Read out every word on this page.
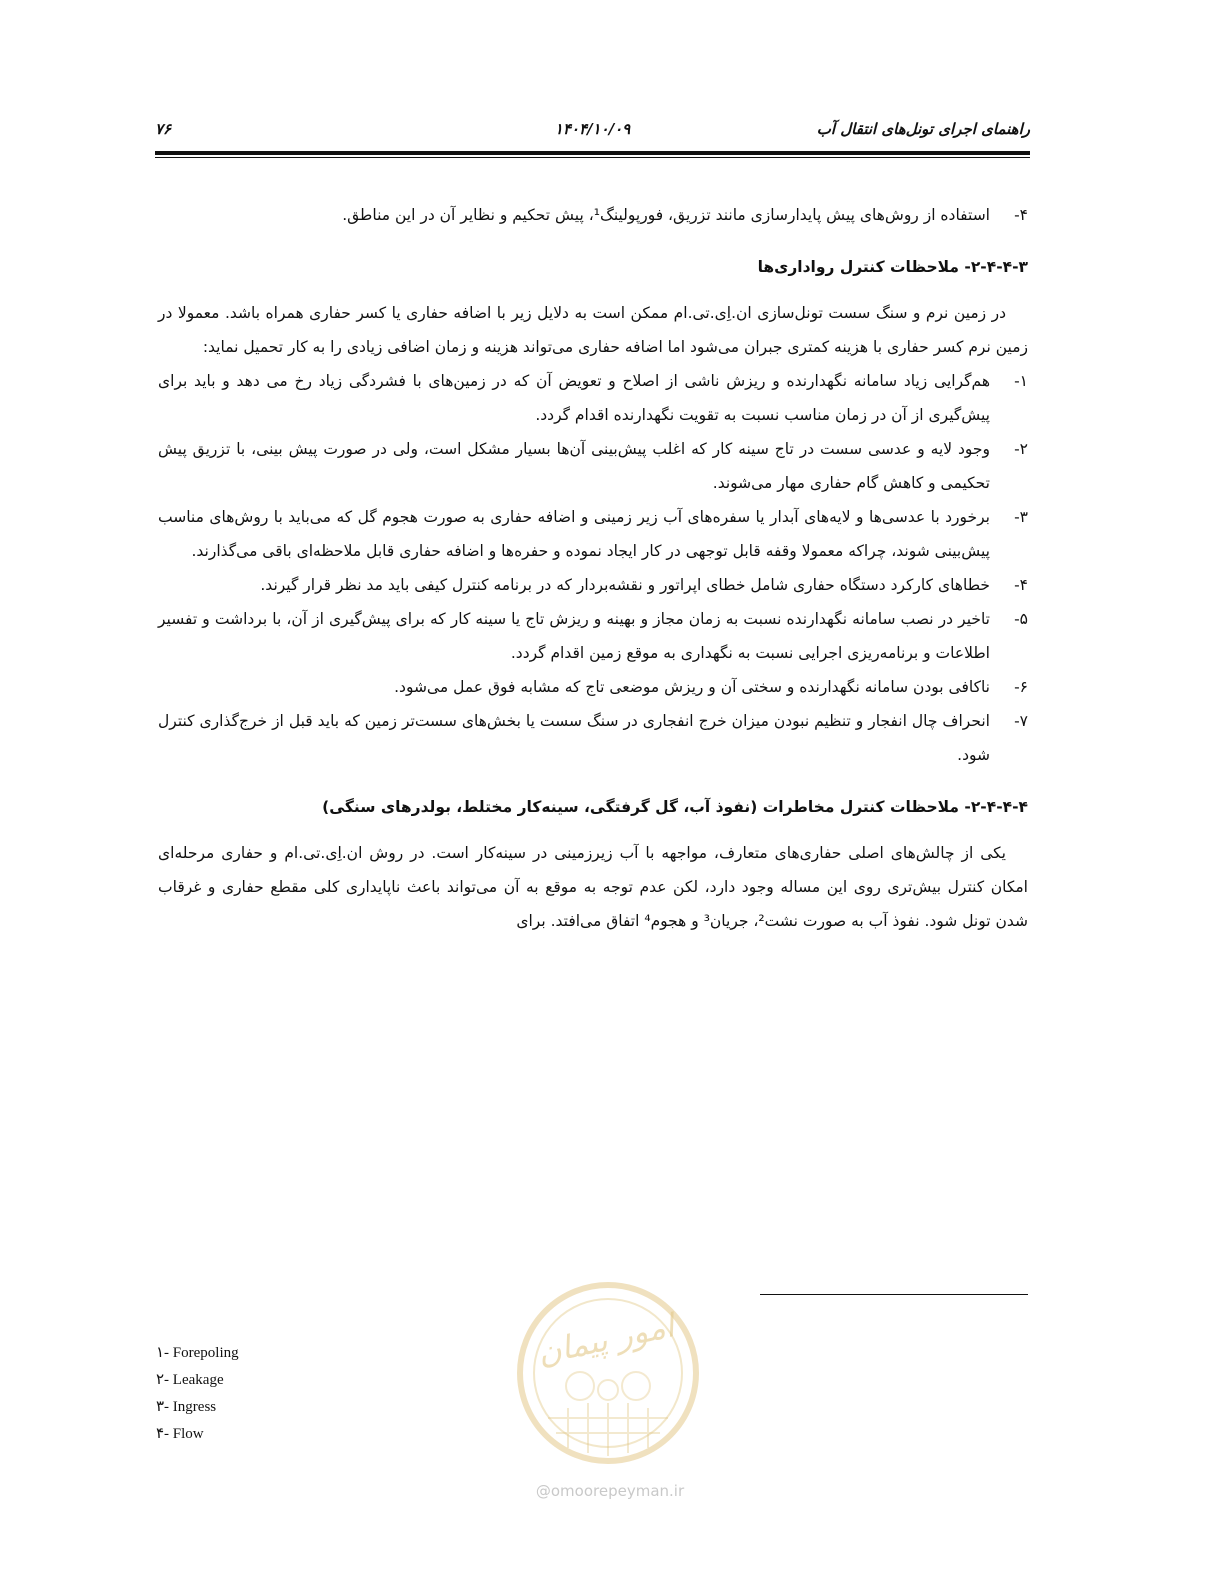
راهنمای اجرای تونل‌های انتقال آب
۱۴۰۴/۱۰/۰۹
۷۶
۴-
استفاده از روش‌های پیش پایدارسازی مانند تزریق، فورپولینگ¹، پیش تحکیم و نظایر آن در این مناطق.
۲-۴-۴-۳- ملاحظات کنترل رواداری‌ها

در زمین نرم و سنگ سست تونل‌سازی ان.اِی.تی.ام ممکن است به دلایل زیر با اضافه حفاری یا کسر حفاری همراه باشد. معمولا در زمین نرم کسر حفاری با هزینه کمتری جبران می‌شود اما اضافه حفاری می‌تواند هزینه و زمان اضافی زیادی را به کار تحمیل نماید:

۱-
هم‌گرایی زیاد سامانه نگهدارنده و ریزش ناشی از اصلاح و تعویض آن که در زمین‌های با فشردگی زیاد رخ می دهد و باید برای پیش‌گیری از آن در زمان مناسب نسبت به تقویت نگهدارنده اقدام گردد.
۲-
وجود لایه و عدسی سست در تاج سینه کار که اغلب پیش‌بینی آن‌ها بسیار مشکل است، ولی در صورت پیش بینی، با تزریق پیش تحکیمی و کاهش گام حفاری مهار می‌شوند.
۳-
برخورد با عدسی‌ها و لایه‌های آبدار یا سفره‌های آب زیر زمینی و اضافه حفاری به صورت هجوم گل که می‌باید با روش‌های مناسب پیش‌بینی شوند، چراکه معمولا وقفه قابل توجهی در کار ایجاد نموده و حفره‌ها و اضافه حفاری قابل ملاحظه‌ای باقی می‌گذارند.
۴-
خطاهای کارکرد دستگاه حفاری شامل خطای اپراتور و نقشه‌بردار که در برنامه کنترل کیفی باید مد نظر قرار گیرند.
۵-
تاخیر در نصب سامانه نگهدارنده نسبت به زمان مجاز و بهینه و ریزش تاج یا سینه کار که برای پیش‌گیری از آن، با برداشت و تفسیر اطلاعات و برنامه‌ریزی اجرایی نسبت به نگهداری به موقع زمین اقدام گردد.
۶-
ناکافی بودن سامانه نگهدارنده و سختی آن و ریزش موضعی تاج که مشابه فوق عمل می‌شود.
۷-
انحراف چال انفجار و تنظیم نبودن میزان خرج انفجاری در سنگ سست یا بخش‌های سست‌تر زمین که باید قبل از خرج‌گذاری کنترل شود.
۲-۴-۴-۴- ملاحظات کنترل مخاطرات (نفوذ آب، گل گرفتگی، سینه‌کار مختلط، بولدرهای سنگی)

یکی از چالش‌های اصلی حفاری‌های متعارف، مواجهه با آب زیرزمینی در سینه‌کار است. در روش ان.اِی.تی.ام و حفاری مرحله‌ای امکان کنترل بیش‌تری روی این مساله وجود دارد، لکن عدم توجه به موقع به آن می‌تواند باعث ناپایداری کلی مقطع حفاری و غرقاب شدن تونل شود. نفوذ آب به صورت نشت²، جریان³ و هجوم⁴ اتفاق می‌افتد. برای

۱- Forepoling
۲- Leakage
۳- Ingress
۴- Flow
امور پیمان
@omoorepeyman.ir
